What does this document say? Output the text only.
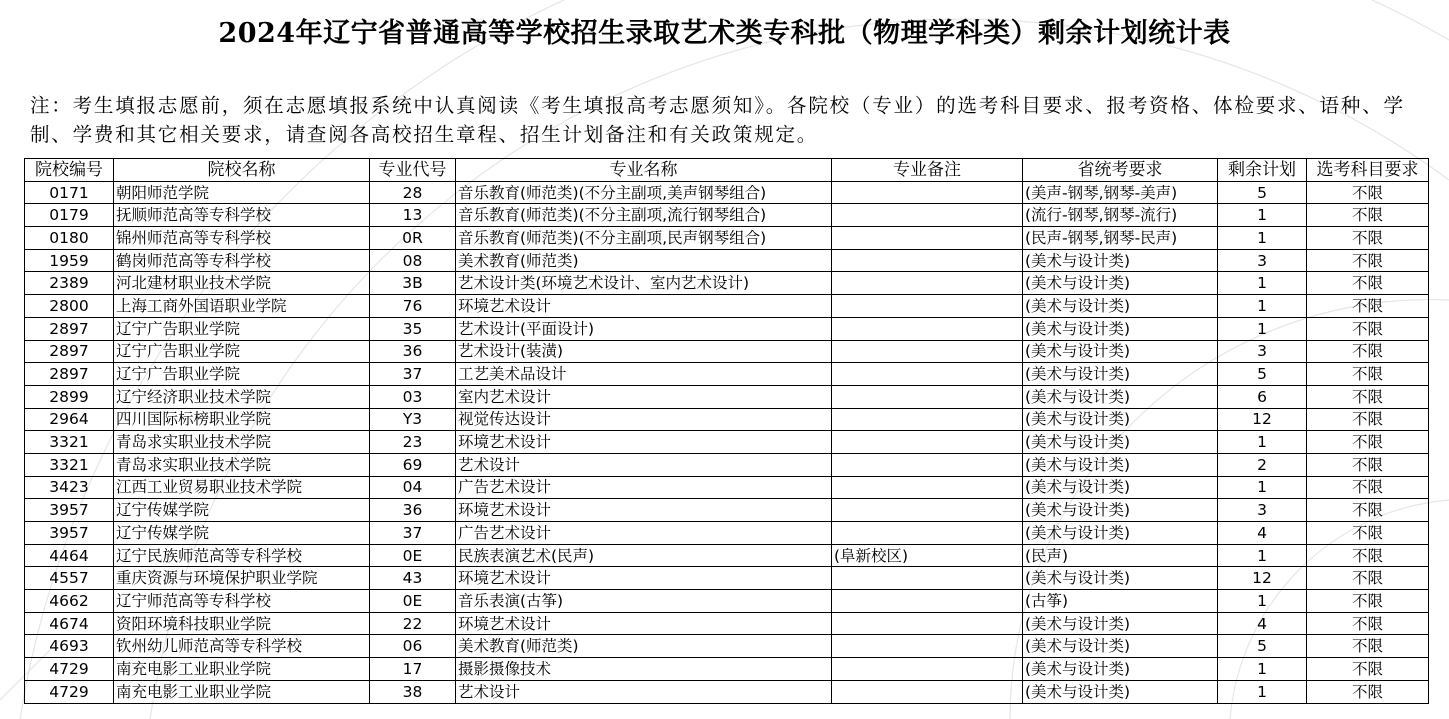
2024年辽宁省普通高等学校招生录取艺术类专科批（物理学科类）剩余计划统计表
注：考生填报志愿前，须在志愿填报系统中认真阅读《考生填报高考志愿须知》。各院校（专业）的选考科目要求、报考资格、体检要求、语种、学制、学费和其它相关要求，请查阅各高校招生章程、招生计划备注和有关政策规定。
院校编号	院校名称	专业代号	专业名称	专业备注	省统考要求	剩余计划	选考科目要求
0171	朝阳师范学院	28	音乐教育(师范类)(不分主副项,美声钢琴组合)		(美声-钢琴,钢琴-美声)	5	不限
0179	抚顺师范高等专科学校	13	音乐教育(师范类)(不分主副项,流行钢琴组合)		(流行-钢琴,钢琴-流行)	1	不限
0180	锦州师范高等专科学校	0R	音乐教育(师范类)(不分主副项,民声钢琴组合)		(民声-钢琴,钢琴-民声)	1	不限
1959	鹤岗师范高等专科学校	08	美术教育(师范类)		(美术与设计类)	3	不限
2389	河北建材职业技术学院	3B	艺术设计类(环境艺术设计、室内艺术设计)		(美术与设计类)	1	不限
2800	上海工商外国语职业学院	76	环境艺术设计		(美术与设计类)	1	不限
2897	辽宁广告职业学院	35	艺术设计(平面设计)		(美术与设计类)	1	不限
2897	辽宁广告职业学院	36	艺术设计(装潢)		(美术与设计类)	3	不限
2897	辽宁广告职业学院	37	工艺美术品设计		(美术与设计类)	5	不限
2899	辽宁经济职业技术学院	03	室内艺术设计		(美术与设计类)	6	不限
2964	四川国际标榜职业学院	Y3	视觉传达设计		(美术与设计类)	12	不限
3321	青岛求实职业技术学院	23	环境艺术设计		(美术与设计类)	1	不限
3321	青岛求实职业技术学院	69	艺术设计		(美术与设计类)	2	不限
3423	江西工业贸易职业技术学院	04	广告艺术设计		(美术与设计类)	1	不限
3957	辽宁传媒学院	36	环境艺术设计		(美术与设计类)	3	不限
3957	辽宁传媒学院	37	广告艺术设计		(美术与设计类)	4	不限
4464	辽宁民族师范高等专科学校	0E	民族表演艺术(民声)	(阜新校区)	(民声)	1	不限
4557	重庆资源与环境保护职业学院	43	环境艺术设计		(美术与设计类)	12	不限
4662	辽宁师范高等专科学校	0E	音乐表演(古筝)		(古筝)	1	不限
4674	资阳环境科技职业学院	22	环境艺术设计		(美术与设计类)	4	不限
4693	钦州幼儿师范高等专科学校	06	美术教育(师范类)		(美术与设计类)	5	不限
4729	南充电影工业职业学院	17	摄影摄像技术		(美术与设计类)	1	不限
4729	南充电影工业职业学院	38	艺术设计		(美术与设计类)	1	不限
